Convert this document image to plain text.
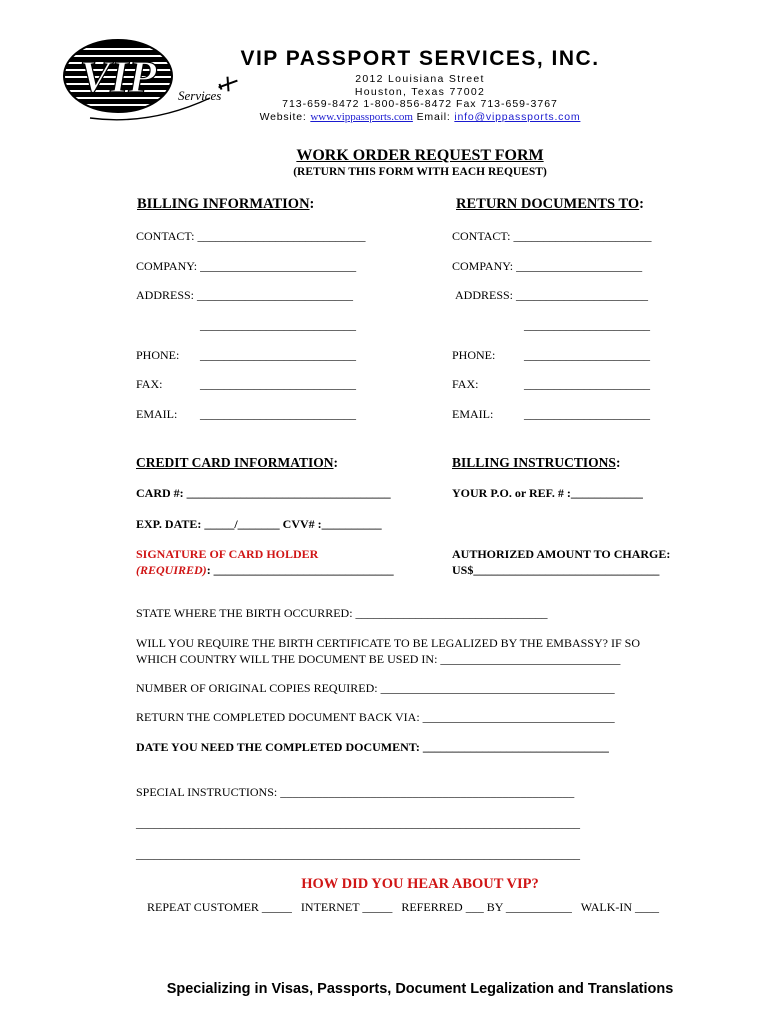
VIP Services
VIP PASSPORT SERVICES, INC.
2012 Louisiana Street
Houston, Texas 77002
713-659-8472 1-800-856-8472 Fax 713-659-3767
Website: www.vippassports.com Email: info@vippassports.com
WORK ORDER REQUEST FORM
(RETURN THIS FORM WITH EACH REQUEST)
BILLING INFORMATION:
CONTACT: ____________________________
COMPANY: __________________________
ADDRESS: __________________________
__________________________
PHONE: __________________________
FAX:	__________________________
EMAIL: __________________________
RETURN DOCUMENTS TO:
CONTACT: _______________________
COMPANY: _____________________
ADDRESS: ______________________
_____________________
PHONE: _____________________
FAX:	_____________________
EMAIL:	_____________________
CREDIT CARD INFORMATION:
CARD #: __________________________________
EXP. DATE: _____/_______ CVV# :__________
SIGNATURE OF CARD HOLDER
(REQUIRED): ______________________________
BILLING INSTRUCTIONS:
YOUR P.O. or REF. # :____________
AUTHORIZED AMOUNT TO CHARGE:
US$_______________________________
STATE WHERE THE BIRTH OCCURRED: ________________________________
WILL YOU REQUIRE THE BIRTH CERTIFICATE TO BE LEGALIZED BY THE EMBASSY? IF SO
WHICH COUNTRY WILL THE DOCUMENT BE USED IN: ______________________________
NUMBER OF ORIGINAL COPIES REQUIRED: _______________________________________
RETURN THE COMPLETED DOCUMENT BACK VIA: ________________________________
DATE YOU NEED THE COMPLETED DOCUMENT: _______________________________
SPECIAL INSTRUCTIONS: _________________________________________________
__________________________________________________________________________
__________________________________________________________________________
HOW DID YOU HEAR ABOUT VIP?
REPEAT CUSTOMER _____   INTERNET _____   REFERRED ___ BY ___________   WALK-IN ____
Specializing in Visas, Passports, Document Legalization and Translations
